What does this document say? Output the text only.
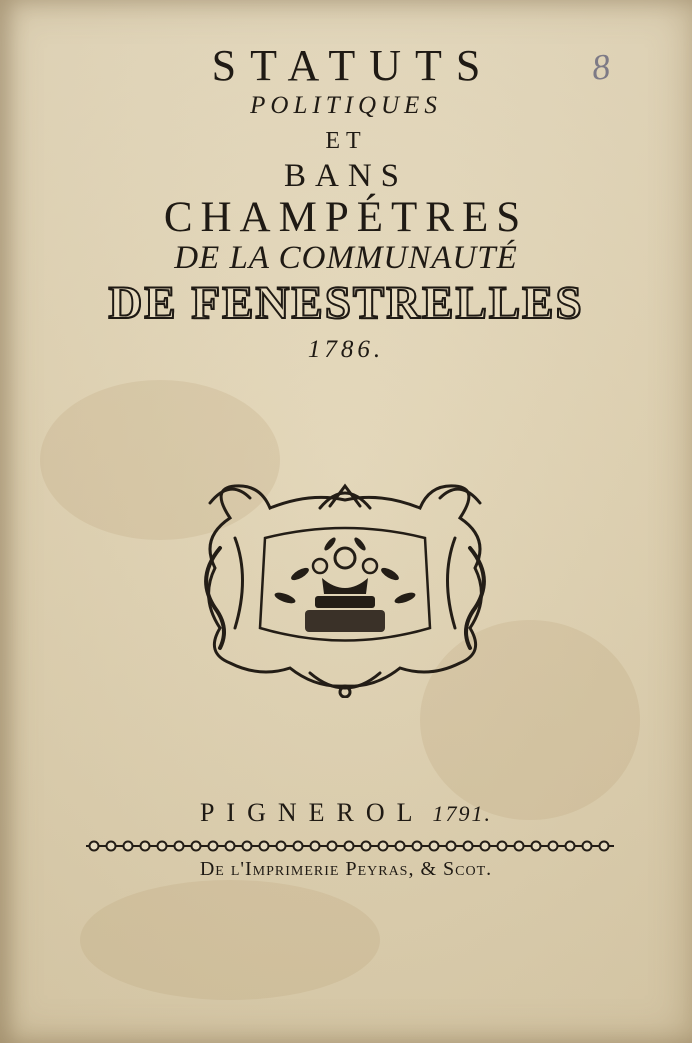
8
STATUTS
POLITIQUES
ET
BANS
CHAMPÉTRES
DE LA COMMUNAUTÉ
DE FENESTRELLES
1786.
PIGNEROL 1791.
De l'Imprimerie Peyras, & Scot.
